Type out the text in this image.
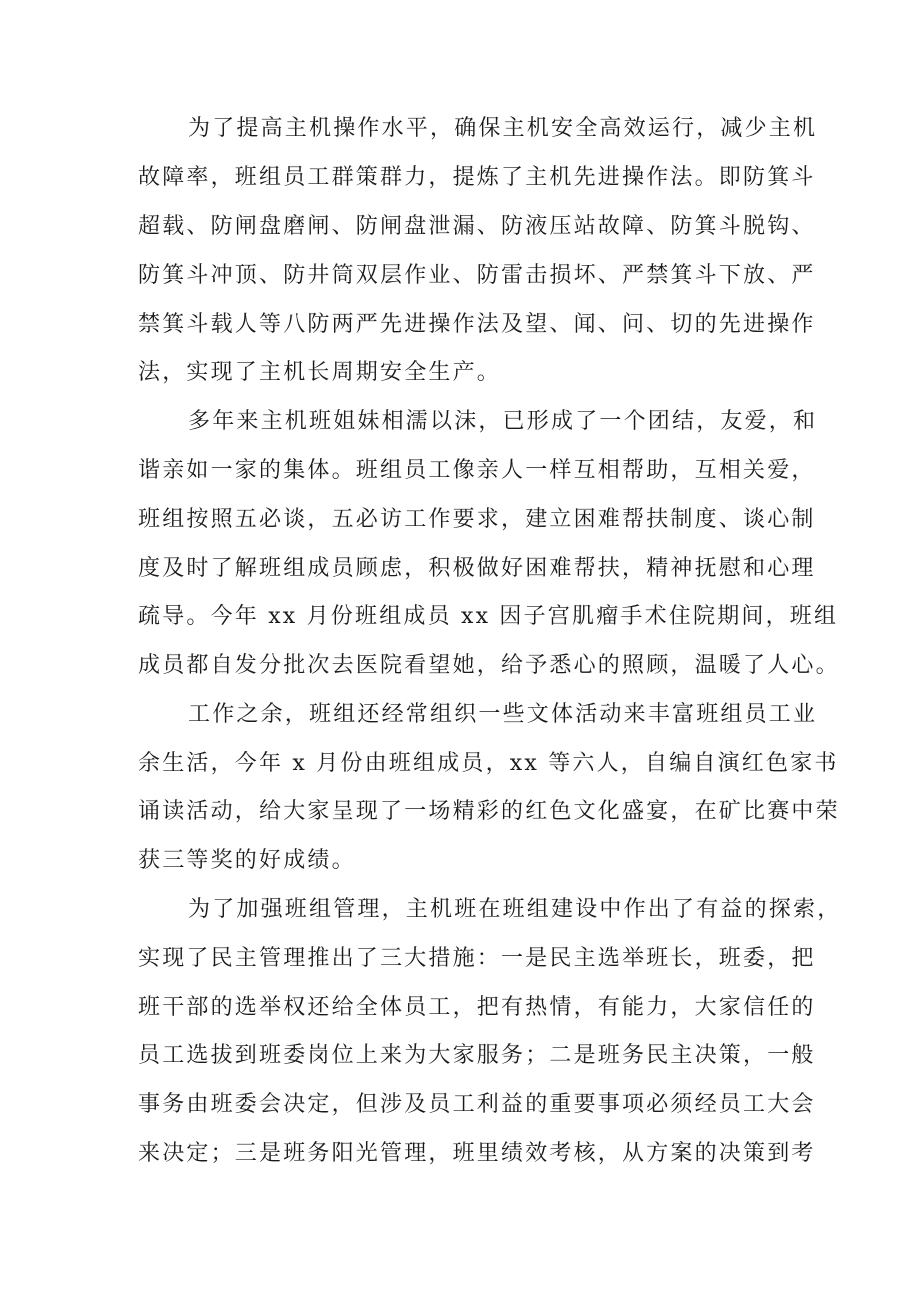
为了提高主机操作水平，确保主机安全高效运行，减少主机
故障率，班组员工群策群力，提炼了主机先进操作法。即防箕斗
超载、防闸盘磨闸、防闸盘泄漏、防液压站故障、防箕斗脱钩、
防箕斗冲顶、防井筒双层作业、防雷击损坏、严禁箕斗下放、严
禁箕斗载人等八防两严先进操作法及望、闻、问、切的先进操作
法，实现了主机长周期安全生产。
多年来主机班姐妹相濡以沫，已形成了一个团结，友爱，和
谐亲如一家的集体。班组员工像亲人一样互相帮助，互相关爱，
班组按照五必谈，五必访工作要求，建立困难帮扶制度、谈心制
度及时了解班组成员顾虑，积极做好困难帮扶，精神抚慰和心理
疏导。今年 xx 月份班组成员 xx 因子宫肌瘤手术住院期间，班组
成员都自发分批次去医院看望她，给予悉心的照顾，温暖了人心。
工作之余，班组还经常组织一些文体活动来丰富班组员工业
余生活，今年 x 月份由班组成员，xx 等六人，自编自演红色家书
诵读活动，给大家呈现了一场精彩的红色文化盛宴，在矿比赛中荣
获三等奖的好成绩。
为了加强班组管理，主机班在班组建设中作出了有益的探索，
实现了民主管理推出了三大措施：一是民主选举班长，班委，把
班干部的选举权还给全体员工，把有热情，有能力，大家信任的
员工选拔到班委岗位上来为大家服务；二是班务民主决策，一般
事务由班委会决定，但涉及员工利益的重要事项必须经员工大会
来决定；三是班务阳光管理，班里绩效考核，从方案的决策到考
